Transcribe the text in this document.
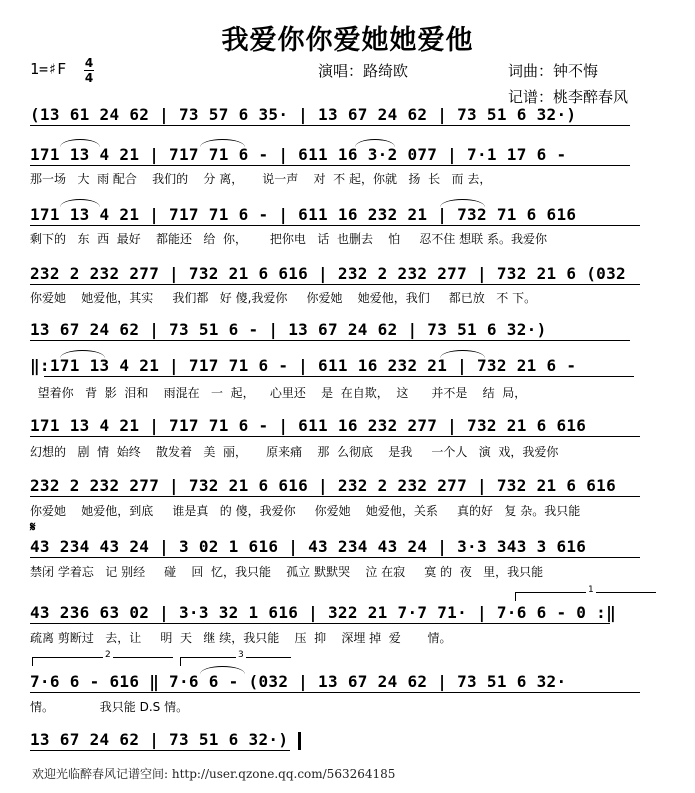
我爱你你爱她她爱他
1=♯F 4
4	演唱：路绮欧	词曲：钟不悔
记谱：桃李醉春风
(13 61 24 62 | 73 57 6 35· | 13 67 24 62 | 73 51 6 32·)
171 13 4 21 | 717 71 6 - | 611 16 3·2 077 | 7·1 17 6 -
那一场   大  雨 配合    我们的    分 离，     说一声    对  不 起，你就   扬  长   而 去，
171 13 4 21 | 717 71 6 - | 611 16 232 21 | 732 71 6 616
剩下的   东  西  最好    都能还   给  你，      把你电   话  也删去    怕     忍不住 想联 系。我爱你
232 2 232 277 | 732 21 6 616 | 232 2 232 277 | 732 21 6 (032
你爱她    她爱他，其实     我们都   好 傻,我爱你     你爱她    她爱他，我们     都已放   不 下。
13 67 24 62 | 73 51 6 - | 13 67 24 62 | 73 51 6 32·)
‖:171 13 4 21 | 717 71 6 - | 611 16 232 21 | 732 21 6 -
望着你   背  影  泪和    雨混在   一  起，    心里还    是  在自欺，  这      并不是    结  局，
171 13 4 21 | 717 71 6 - | 611 16 232 277 | 732 21 6 616
幻想的   剧  情  始终    散发着   美  丽，     原来痛    那  么彻底    是我     一个人   演  戏，我爱你
232 2 232 277 | 732 21 6 616 | 232 2 232 277 | 732 21 6 616
你爱她    她爱他，到底     谁是真   的 傻，我爱你     你爱她    她爱他，关系     真的好   复 杂。我只能
𝄋
43 234 43 24 | 3 02 1 616 | 43 234 43 24 | 3·3 343 3 616
禁闭 学着忘   记 别经     碰    回  忆，我只能    孤立 默默哭    泣 在寂     寞 的  夜   里，我只能
1
43 236 63 02 | 3·3 32 1 616 | 322 21 7·7 71· | 7·6 6 - 0 :‖
疏离 剪断过   去，让     明  天   继 续，我只能    压  抑    深埋 掉  爱       情。
2	3
7·6 6 - 616 ‖ 7·6 6 - (032 | 13 67 24 62 | 73 51 6 32·
情。            我只能 D.S 情。
13 67 24 62 | 73 51 6 32·)
欢迎光临醉春风记谱空间: http://user.qzone.qq.com/563264185
